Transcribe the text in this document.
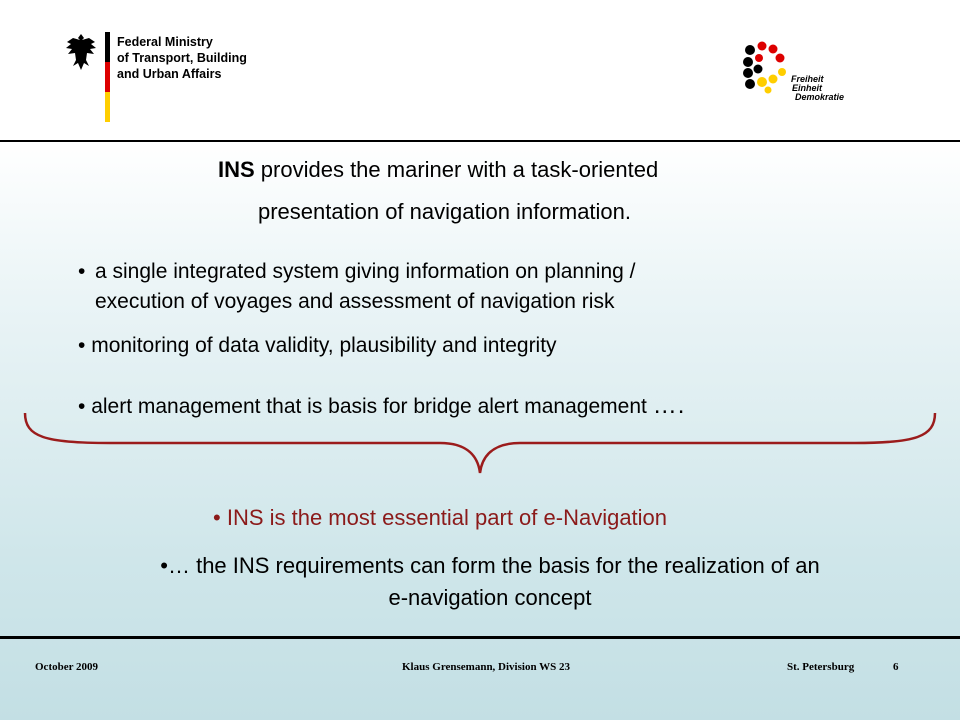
Federal Ministry
of Transport, Building
and Urban Affairs	Freiheit
Einheit
Demokratie
INS provides the mariner with a task-oriented
presentation of navigation information.
• a single integrated system giving information on planning /
execution of voyages and assessment of navigation risk
• monitoring of data validity, plausibility and integrity
• alert management that is basis for bridge alert management ….
• INS is the most essential part of e-Navigation
•… the INS requirements can form the basis for the realization of an
e-navigation concept
October 2009	Klaus Grensemann, Division WS 23	St. Petersburg	6
